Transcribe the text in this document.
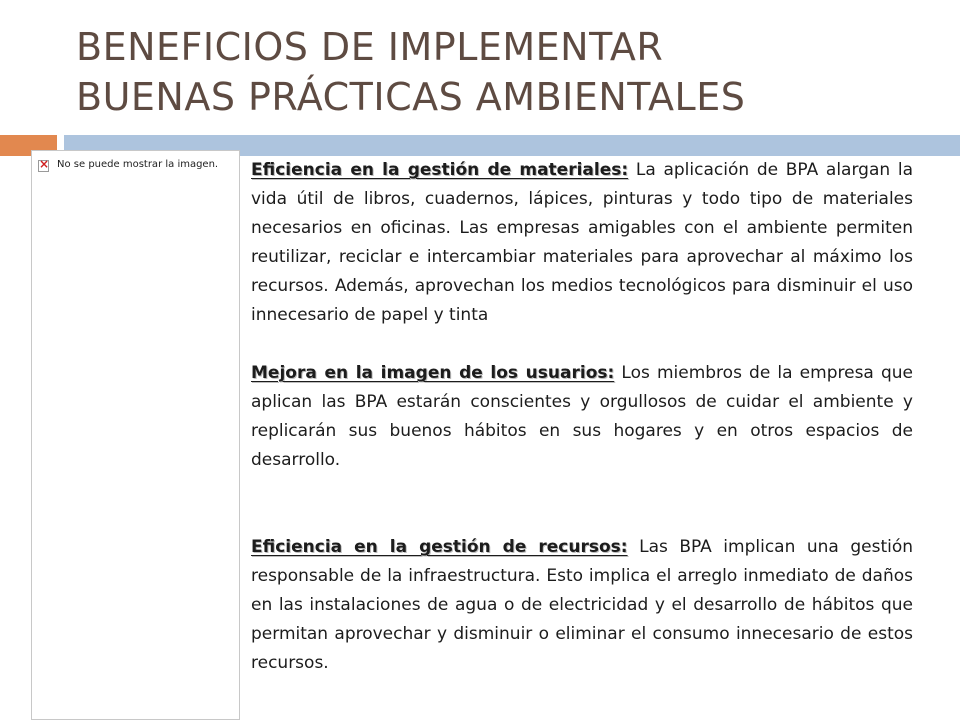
BENEFICIOS DE IMPLEMENTAR
BUENAS PRÁCTICAS AMBIENTALES
×
No se puede mostrar la imagen. Eficiencia en la gestión de materiales: La aplicación de BPA alargan la vida útil de libros, cuadernos, lápices, pinturas y todo tipo de materiales necesarios en oficinas. Las empresas amigables con el ambiente permiten reutilizar, reciclar e intercambiar materiales para aprovechar al máximo los recursos. Además, aprovechan los medios tecnológicos para disminuir el uso innecesario de papel y tinta

Mejora en la imagen de los usuarios: Los miembros de la empresa que aplican las BPA estarán conscientes y orgullosos de cuidar el ambiente y replicarán sus buenos hábitos en sus hogares y en otros espacios de desarrollo.

Eficiencia en la gestión de recursos: Las BPA implican una gestión responsable de la infraestructura. Esto implica el arreglo inmediato de daños en las instalaciones de agua o de electricidad y el desarrollo de hábitos que permitan aprovechar y disminuir o eliminar el consumo innecesario de estos recursos.
